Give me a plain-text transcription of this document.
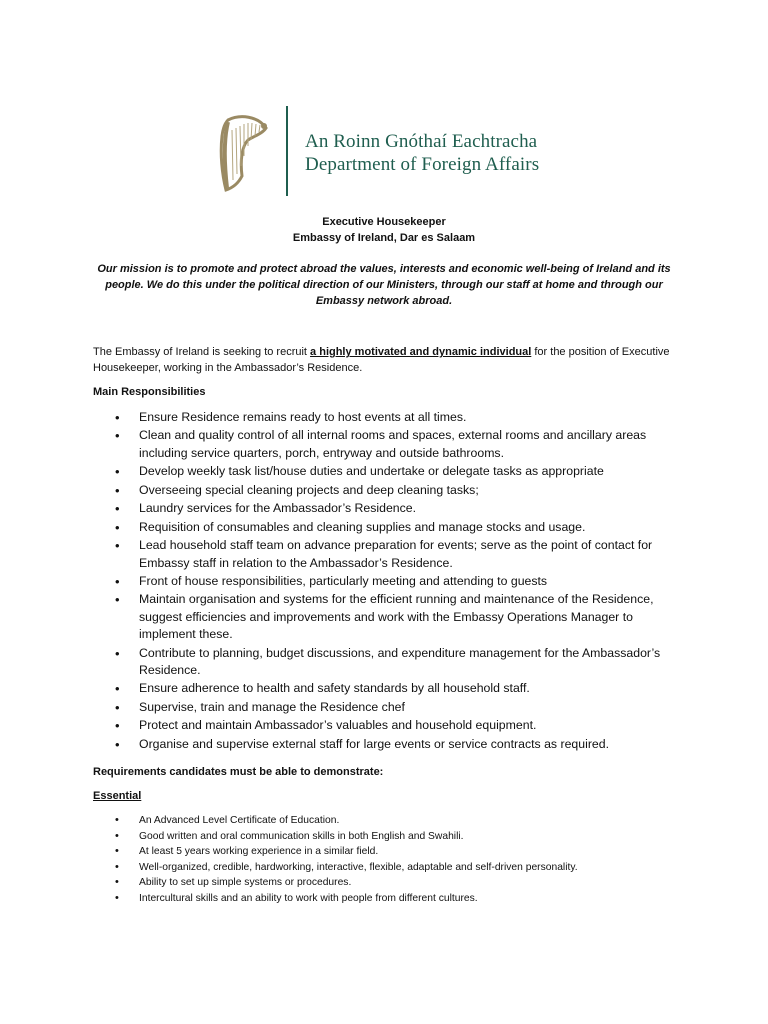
An Roinn Gnóthaí Eachtracha
Department of Foreign Affairs
Executive Housekeeper
Embassy of Ireland, Dar es Salaam
Our mission is to promote and protect abroad the values, interests and economic well-being of Ireland and its people. We do this under the political direction of our Ministers, through our staff at home and through our Embassy network abroad.
The Embassy of Ireland is seeking to recruit a highly motivated and dynamic individual for the position of Executive Housekeeper, working in the Ambassador’s Residence.
Main Responsibilities
• Ensure Residence remains ready to host events at all times.
• Clean and quality control of all internal rooms and spaces, external rooms and ancillary areas including service quarters, porch, entryway and outside bathrooms.
• Develop weekly task list/house duties and undertake or delegate tasks as appropriate
• Overseeing special cleaning projects and deep cleaning tasks;
• Laundry services for the Ambassador’s Residence.
• Requisition of consumables and cleaning supplies and manage stocks and usage.
• Lead household staff team on advance preparation for events; serve as the point of contact for Embassy staff in relation to the Ambassador’s Residence.
• Front of house responsibilities, particularly meeting and attending to guests
• Maintain organisation and systems for the efficient running and maintenance of the Residence, suggest efficiencies and improvements and work with the Embassy Operations Manager to implement these.
• Contribute to planning, budget discussions, and expenditure management for the Ambassador’s Residence.
• Ensure adherence to health and safety standards by all household staff.
• Supervise, train and manage the Residence chef
• Protect and maintain Ambassador’s valuables and household equipment.
• Organise and supervise external staff for large events or service contracts as required.
Requirements candidates must be able to demonstrate:
Essential
• An Advanced Level Certificate of Education.
• Good written and oral communication skills in both English and Swahili.
• At least 5 years working experience in a similar field.
• Well-organized, credible, hardworking, interactive, flexible, adaptable and self-driven personality.
• Ability to set up simple systems or procedures.
• Intercultural skills and an ability to work with people from different cultures.
